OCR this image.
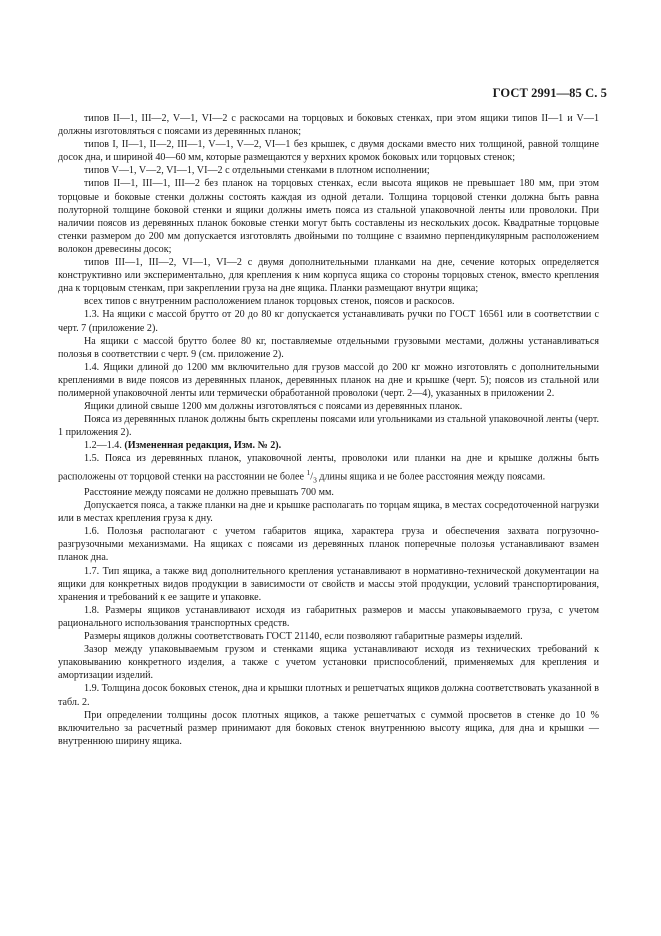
ГОСТ 2991—85 С. 5

типов II—1, III—2, V—1, VI—2 с раскосами на торцовых и боковых стенках, при этом ящики типов II—1 и V—1 должны изготовляться с поясами из деревянных планок;

типов I, II—1, II—2, III—1, V—1, V—2, VI—1 без крышек, с двумя досками вместо них толщиной, равной толщине досок дна, и шириной 40—60 мм, которые размещаются у верхних кромок боковых или торцовых стенок;

типов V—1, V—2, VI—1, VI—2 с отдельными стенками в плотном исполнении;

типов II—1, III—1, III—2 без планок на торцовых стенках, если высота ящиков не превышает 180 мм, при этом торцовые и боковые стенки должны состоять каждая из одной детали. Толщина торцовой стенки должна быть равна полуторной толщине боковой стенки и ящики должны иметь пояса из стальной упаковочной ленты или проволоки. При наличии поясов из деревянных планок боковые стенки могут быть составлены из нескольких досок. Квадратные торцовые стенки размером до 200 мм допускается изготовлять двойными по толщине с взаимно перпендикулярным расположением волокон древесины досок;

типов III—1, III—2, VI—1, VI—2 с двумя дополнительными планками на дне, сечение которых определяется конструктивно или экспериментально, для крепления к ним корпуса ящика со стороны торцовых стенок, вместо крепления дна к торцовым стенкам, при закреплении груза на дне ящика. Планки размещают внутри ящика;

всех типов с внутренним расположением планок торцовых стенок, поясов и раскосов.

1.3. На ящики с массой брутто от 20 до 80 кг допускается устанавливать ручки по ГОСТ 16561 или в соответствии с черт. 7 (приложение 2).

На ящики с массой брутто более 80 кг, поставляемые отдельными грузовыми местами, должны устанавливаться полозья в соответствии с черт. 9 (см. приложение 2).

1.4. Ящики длиной до 1200 мм включительно для грузов массой до 200 кг можно изготовлять с дополнительными креплениями в виде поясов из деревянных планок, деревянных планок на дне и крышке (черт. 5); поясов из стальной или полимерной упаковочной ленты или термически обработанной проволоки (черт. 2—4), указанных в приложении 2.

Ящики длиной свыше 1200 мм должны изготовляться с поясами из деревянных планок.

Пояса из деревянных планок должны быть скреплены поясами или угольниками из стальной упаковочной ленты (черт. 1 приложения 2).

1.2—1.4. (Измененная редакция, Изм. № 2).

1.5. Пояса из деревянных планок, упаковочной ленты, проволоки или планки на дне и крышке должны быть расположены от торцовой стенки на расстоянии не более $^1/_3$ длины ящика и не более расстояния между поясами.

Расстояние между поясами не должно превышать 700 мм.

Допускается пояса, а также планки на дне и крышке располагать по торцам ящика, в местах сосредоточенной нагрузки или в местах крепления груза к дну.

1.6. Полозья располагают с учетом габаритов ящика, характера груза и обеспечения захвата погрузочно-разгрузочными механизмами. На ящиках с поясами из деревянных планок поперечные полозья устанавливают взамен планок дна.

1.7. Тип ящика, а также вид дополнительного крепления устанавливают в нормативно-технической документации на ящики для конкретных видов продукции в зависимости от свойств и массы этой продукции, условий транспортирования, хранения и требований к ее защите и упаковке.

1.8. Размеры ящиков устанавливают исходя из габаритных размеров и массы упаковываемого груза, с учетом рационального использования транспортных средств.

Размеры ящиков должны соответствовать ГОСТ 21140, если позволяют габаритные размеры изделий.

Зазор между упаковываемым грузом и стенками ящика устанавливают исходя из технических требований к упаковыванию конкретного изделия, а также с учетом установки приспособлений, применяемых для крепления и амортизации изделий.

1.9. Толщина досок боковых стенок, дна и крышки плотных и решетчатых ящиков должна соответствовать указанной в табл. 2.

При определении толщины досок плотных ящиков, а также решетчатых с суммой просветов в стенке до 10 % включительно за расчетный размер принимают для боковых стенок внутреннюю высоту ящика, для дна и крышки — внутреннюю ширину ящика.
